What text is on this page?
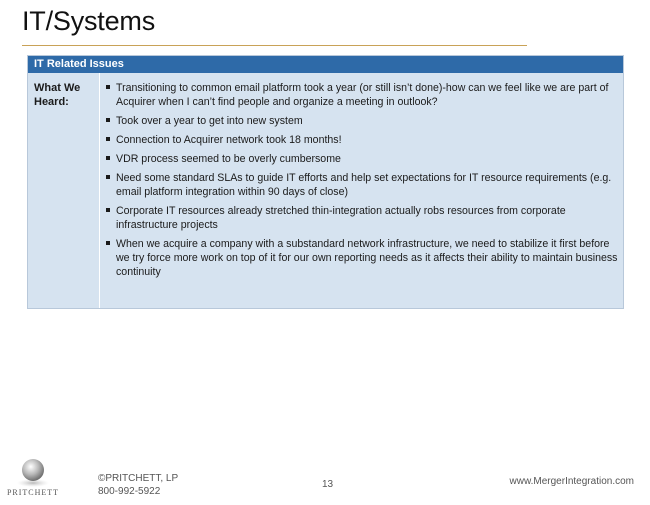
IT/Systems
IT Related Issues
What We
Heard:
Transitioning to common email platform took a year (or still isn’t done)-how can we feel like we are part of Acquirer when I can’t find people and organize a meeting in outlook?
Took over a year to get into new system
Connection to Acquirer network took 18 months!
VDR process seemed to be overly cumbersome
Need some standard SLAs to guide IT efforts and help set expectations for IT resource requirements (e.g. email platform integration within 90 days of close)
Corporate IT resources already stretched thin-integration actually robs resources from corporate infrastructure projects
When we acquire a company with a substandard network infrastructure, we need to stabilize it first before we try force more work on top of it for our own reporting needs as it affects their ability to maintain business continuity
PRITCHETT
©PRITCHETT, LP
800-992-5922
13	www.MergerIntegration.com
